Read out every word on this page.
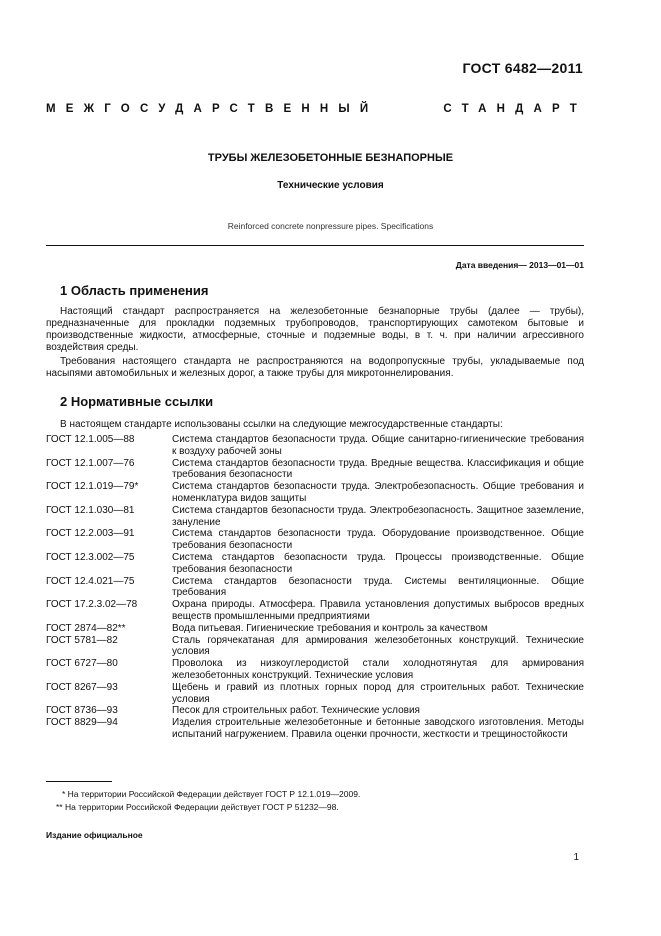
ГОСТ 6482—2011
МЕЖГОСУДАРСТВЕННЫЙ	СТАНДАРТ
ТРУБЫ ЖЕЛЕЗОБЕТОННЫЕ БЕЗНАПОРНЫЕ
Технические условия
Reinforced concrete nonpressure pipes. Specifications
Дата введения— 2013—01—01
1 Область применения

Настоящий стандарт распространяется на железобетонные безнапорные трубы (далее — трубы), предназначенные для прокладки подземных трубопроводов, транспортирующих самотеком бытовые и производственные жидкости, атмосферные, сточные и подземные воды, в т. ч. при наличии агрессивного воздействия среды.

Требования настоящего стандарта не распространяются на водопропускные трубы, укладываемые под насыпями автомобильных и железных дорог, а также трубы для микротоннелирования.

2 Нормативные ссылки

В настоящем стандарте использованы ссылки на следующие межгосударственные стандарты:

ГОСТ 12.1.005—88	Система стандартов безопасности труда. Общие санитарно-гигиенические требования к воздуху рабочей зоны
ГОСТ 12.1.007—76	Система стандартов безопасности труда. Вредные вещества. Классификация и общие требования безопасности
ГОСТ 12.1.019—79*	Система стандартов безопасности труда. Электробезопасность. Общие требования и номенклатура видов защиты
ГОСТ 12.1.030—81	Система стандартов безопасности труда. Электробезопасность. Защитное заземление, зануление
ГОСТ 12.2.003—91	Система стандартов безопасности труда. Оборудование производственное. Общие требования безопасности
ГОСТ 12.3.002—75	Система стандартов безопасности труда. Процессы производственные. Общие требования безопасности
ГОСТ 12.4.021—75	Система стандартов безопасности труда. Системы вентиляционные. Общие требования
ГОСТ 17.2.3.02—78	Охрана природы. Атмосфера. Правила установления допустимых выбросов вредных веществ промышленными предприятиями
ГОСТ 2874—82**	Вода питьевая. Гигиенические требования и контроль за качеством
ГОСТ 5781—82	Сталь горячекатаная для армирования железобетонных конструкций. Технические условия
ГОСТ 6727—80	Проволока из низкоуглеродистой стали холоднотянутая для армирования железобетонных конструкций. Технические условия
ГОСТ 8267—93	Щебень и гравий из плотных горных пород для строительных работ. Технические условия
ГОСТ 8736—93	Песок для строительных работ. Технические условия
ГОСТ 8829—94	Изделия строительные железобетонные и бетонные заводского изготовления. Методы испытаний нагружением. Правила оценки прочности, жесткости и трещиностойкости
* На территории Российской Федерации действует ГОСТ Р 12.1.019—2009.
** На территории Российской Федерации действует ГОСТ Р 51232—98.
Издание официальное
1
